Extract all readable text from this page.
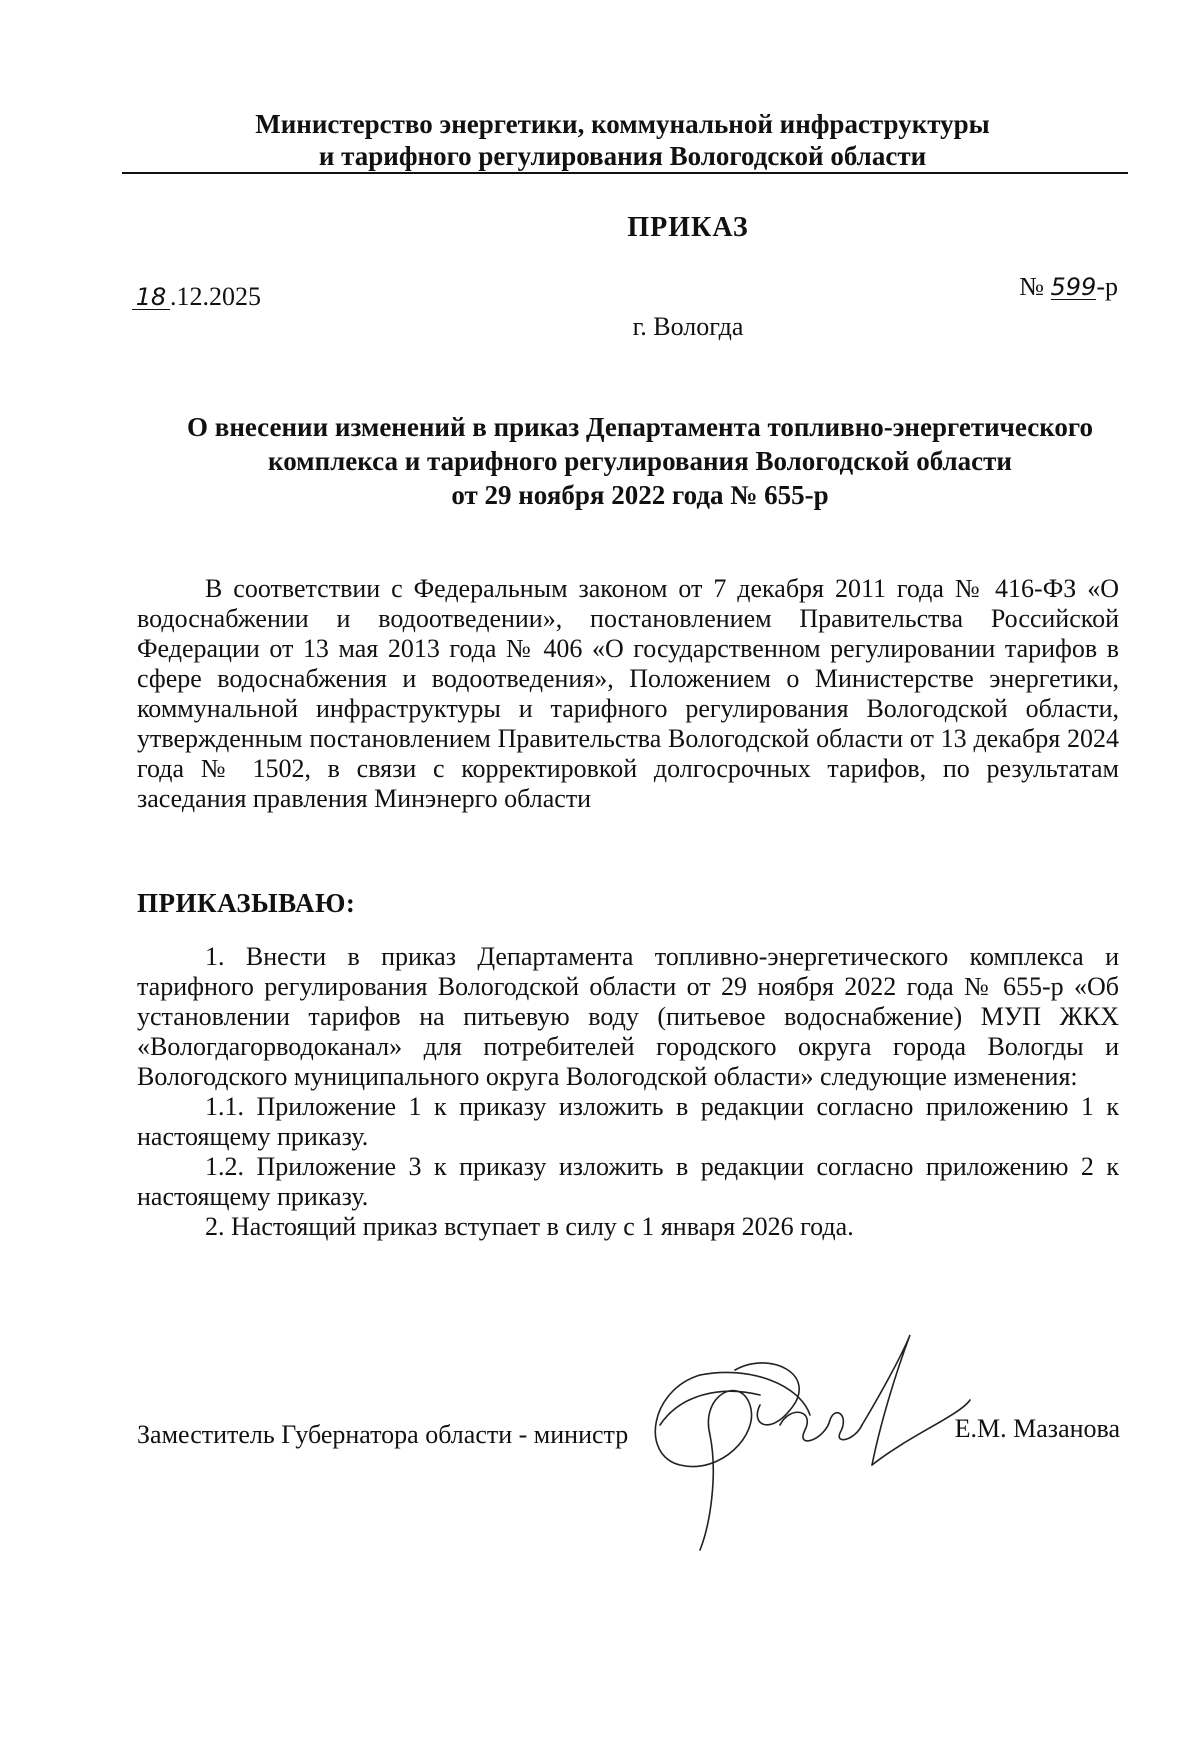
Министерство энергетики, коммунальной инфраструктуры
и тарифного регулирования Вологодской области
ПРИКАЗ
18 .12.2025	№ 599-р
г. Вологда
О внесении изменений в приказ Департамента топливно-энергетического
комплекса и тарифного регулирования Вологодской области
от 29 ноября 2022 года № 655-р

В соответствии с Федеральным законом от 7 декабря 2011 года № 416-ФЗ «О водоснабжении и водоотведении», постановлением Правительства Российской Федерации от 13 мая 2013 года № 406 «О государственном регулировании тарифов в сфере водоснабжения и водоотведения», Положением о Министерстве энергетики, коммунальной инфраструктуры и тарифного регулирования Вологодской области, утвержденным постановлением Правительства Вологодской области от 13 декабря 2024 года № 1502, в связи с корректировкой долгосрочных тарифов, по результатам заседания правления Минэнерго области

ПРИКАЗЫВАЮ:

1. Внести в приказ Департамента топливно-энергетического комплекса и тарифного регулирования Вологодской области от 29 ноября 2022 года № 655-р «Об установлении тарифов на питьевую воду (питьевое водоснабжение) МУП ЖКХ «Вологдагорводоканал» для потребителей городского округа города Вологды и Вологодского муниципального округа Вологодской области» следующие изменения:

1.1. Приложение 1 к приказу изложить в редакции согласно приложению 1 к настоящему приказу.

1.2. Приложение 3 к приказу изложить в редакции согласно приложению 2 к настоящему приказу.

2. Настоящий приказ вступает в силу с 1 января 2026 года.

Заместитель Губернатора области - министр	Е.М. Мазанова
